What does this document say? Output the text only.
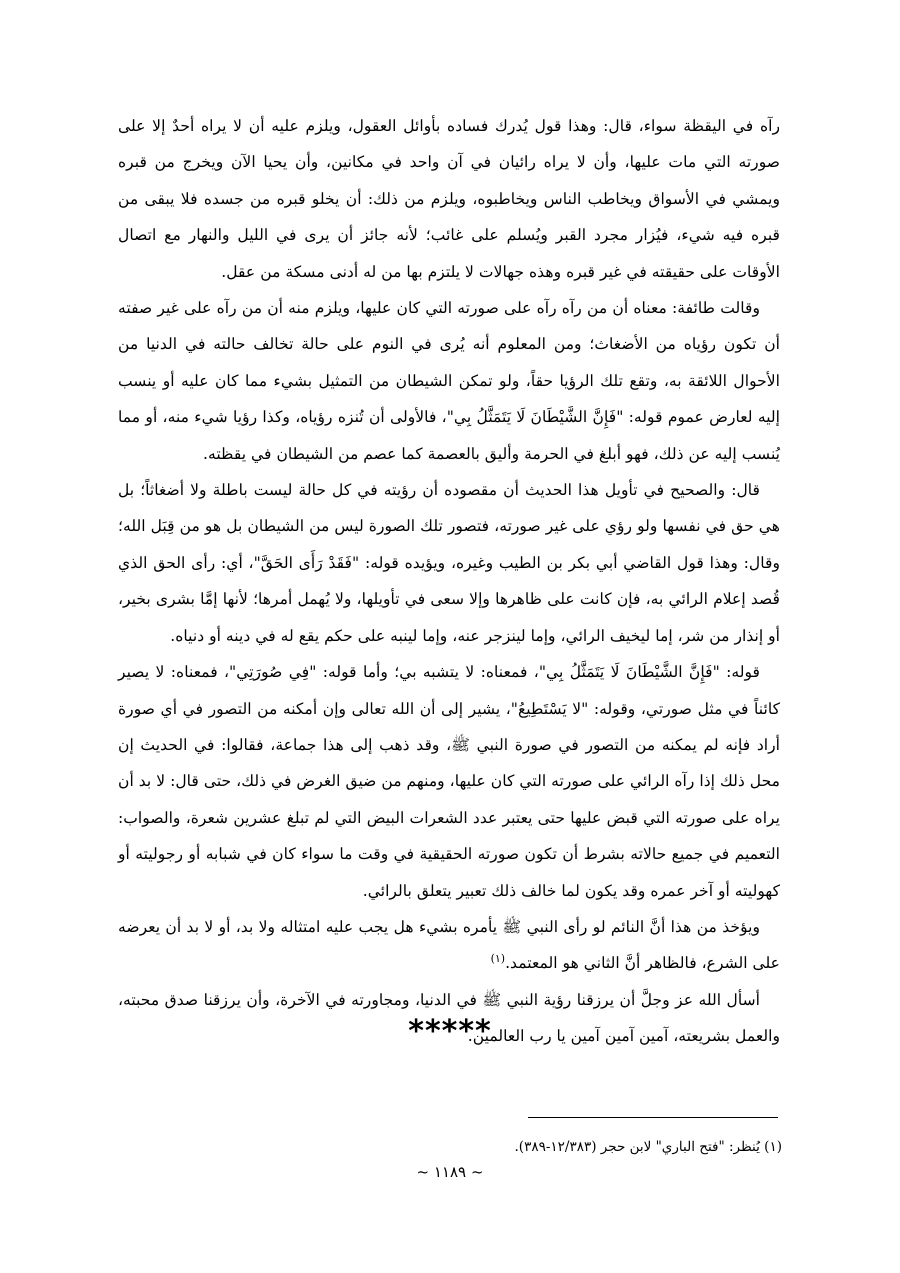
رآه في اليقظة سواء، قال: وهذا قول يُدرك فساده بأوائل العقول، ويلزم عليه أن لا يراه أحدٌ إلا على صورته التي مات عليها، وأن لا يراه رائيان في آن واحد في مكانين، وأن يحيا الآن ويخرج من قبره ويمشي في الأسواق ويخاطب الناس ويخاطبوه، ويلزم من ذلك: أن يخلو قبره من جسده فلا يبقى من قبره فيه شيء، فيُزار مجرد القبر ويُسلم على غائب؛ لأنه جائز أن يرى في الليل والنهار مع اتصال الأوقات على حقيقته في غير قبره وهذه جهالات لا يلتزم بها من له أدنى مسكة من عقل.

وقالت طائفة: معناه أن من رآه رآه على صورته التي كان عليها، ويلزم منه أن من رآه على غير صفته أن تكون رؤياه من الأضغاث؛ ومن المعلوم أنه يُرى في النوم على حالة تخالف حالته في الدنيا من الأحوال اللائقة به، وتقع تلك الرؤيا حقاً، ولو تمكن الشيطان من التمثيل بشيء مما كان عليه أو ينسب إليه لعارض عموم قوله: "فَإِنَّ الشَّيْطَانَ لَا يَتَمَثَّلُ بِي"، فالأولى أن تُنزه رؤياه، وكذا رؤيا شيء منه، أو مما يُنسب إليه عن ذلك، فهو أبلغ في الحرمة وأليق بالعصمة كما عصم من الشيطان في يقظته.

قال: والصحيح في تأويل هذا الحديث أن مقصوده أن رؤيته في كل حالة ليست باطلة ولا أضغاثاً؛ بل هي حق في نفسها ولو رؤي على غير صورته، فتصور تلك الصورة ليس من الشيطان بل هو من قِبَل الله؛ وقال: وهذا قول القاضي أبي بكر بن الطيب وغيره، ويؤيده قوله: "فَقَدْ رَأَى الحَقَّ"، أي: رأى الحق الذي قُصد إعلام الرائي به، فإن كانت على ظاهرها وإلا سعى في تأويلها، ولا يُهمل أمرها؛ لأنها إمَّا بشرى بخير، أو إنذار من شر، إما ليخيف الرائي، وإما لينزجر عنه، وإما لينبه على حكم يقع له في دينه أو دنياه.

قوله: "فَإِنَّ الشَّيْطَانَ لَا يَتَمَثَّلُ بِي"، فمعناه: لا يتشبه بي؛ وأما قوله: "فِي صُورَتِي"، فمعناه: لا يصير كائناً في مثل صورتي، وقوله: "لا يَسْتَطِيعُ"، يشير إلى أن الله تعالى وإن أمكنه من التصور في أي صورة أراد فإنه لم يمكنه من التصور في صورة النبي ﷺ، وقد ذهب إلى هذا جماعة، فقالوا: في الحديث إن محل ذلك إذا رآه الرائي على صورته التي كان عليها، ومنهم من ضيق الغرض في ذلك، حتى قال: لا بد أن يراه على صورته التي قبض عليها حتى يعتبر عدد الشعرات البيض التي لم تبلغ عشرين شعرة، والصواب: التعميم في جميع حالاته بشرط أن تكون صورته الحقيقية في وقت ما سواء كان في شبابه أو رجوليته أو كهوليته أو آخر عمره وقد يكون لما خالف ذلك تعبير يتعلق بالرائي.

ويؤخذ من هذا أنَّ النائم لو رأى النبي ﷺ يأمره بشيء هل يجب عليه امتثاله ولا بد، أو لا بد أن يعرضه على الشرع، فالظاهر أنَّ الثاني هو المعتمد.$^{(١)}$

أسأل الله عز وجلَّ أن يرزقنا رؤية النبي ﷺ في الدنيا، ومجاورته في الآخرة، وأن يرزقنا صدق محبته، والعمل بشريعته، آمين آمين آمين يا رب العالمين.

*****

(١) يُنظر: "فتح الباري" لابن حجر (١٢/٣٨٣-٣٨٩).

~ ١١٨٩ ~
